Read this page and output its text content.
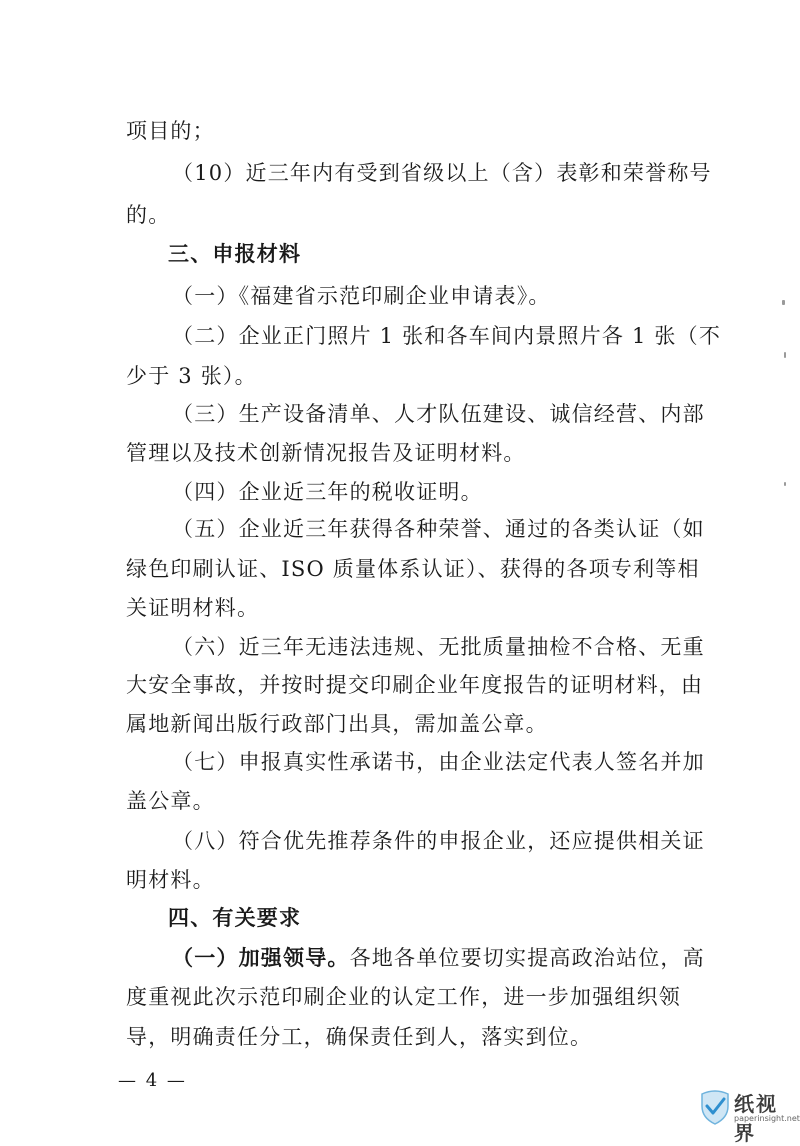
项目的；
（10）近三年内有受到省级以上（含）表彰和荣誉称号
的。
三、申报材料
（一）《福建省示范印刷企业申请表》。
（二）企业正门照片 1 张和各车间内景照片各 1 张（不
少于 3 张）。
（三）生产设备清单、人才队伍建设、诚信经营、内部
管理以及技术创新情况报告及证明材料。
（四）企业近三年的税收证明。
（五）企业近三年获得各种荣誉、通过的各类认证（如
绿色印刷认证、ISO 质量体系认证）、获得的各项专利等相
关证明材料。
（六）近三年无违法违规、无批质量抽检不合格、无重
大安全事故，并按时提交印刷企业年度报告的证明材料，由
属地新闻出版行政部门出具，需加盖公章。
（七）申报真实性承诺书，由企业法定代表人签名并加
盖公章。
（八）符合优先推荐条件的申报企业，还应提供相关证
明材料。
四、有关要求
（一）加强领导。各地各单位要切实提高政治站位，高
度重视此次示范印刷企业的认定工作，进一步加强组织领
导，明确责任分工，确保责任到人，落实到位。
— 4 —
纸视界
paperinsight.net
